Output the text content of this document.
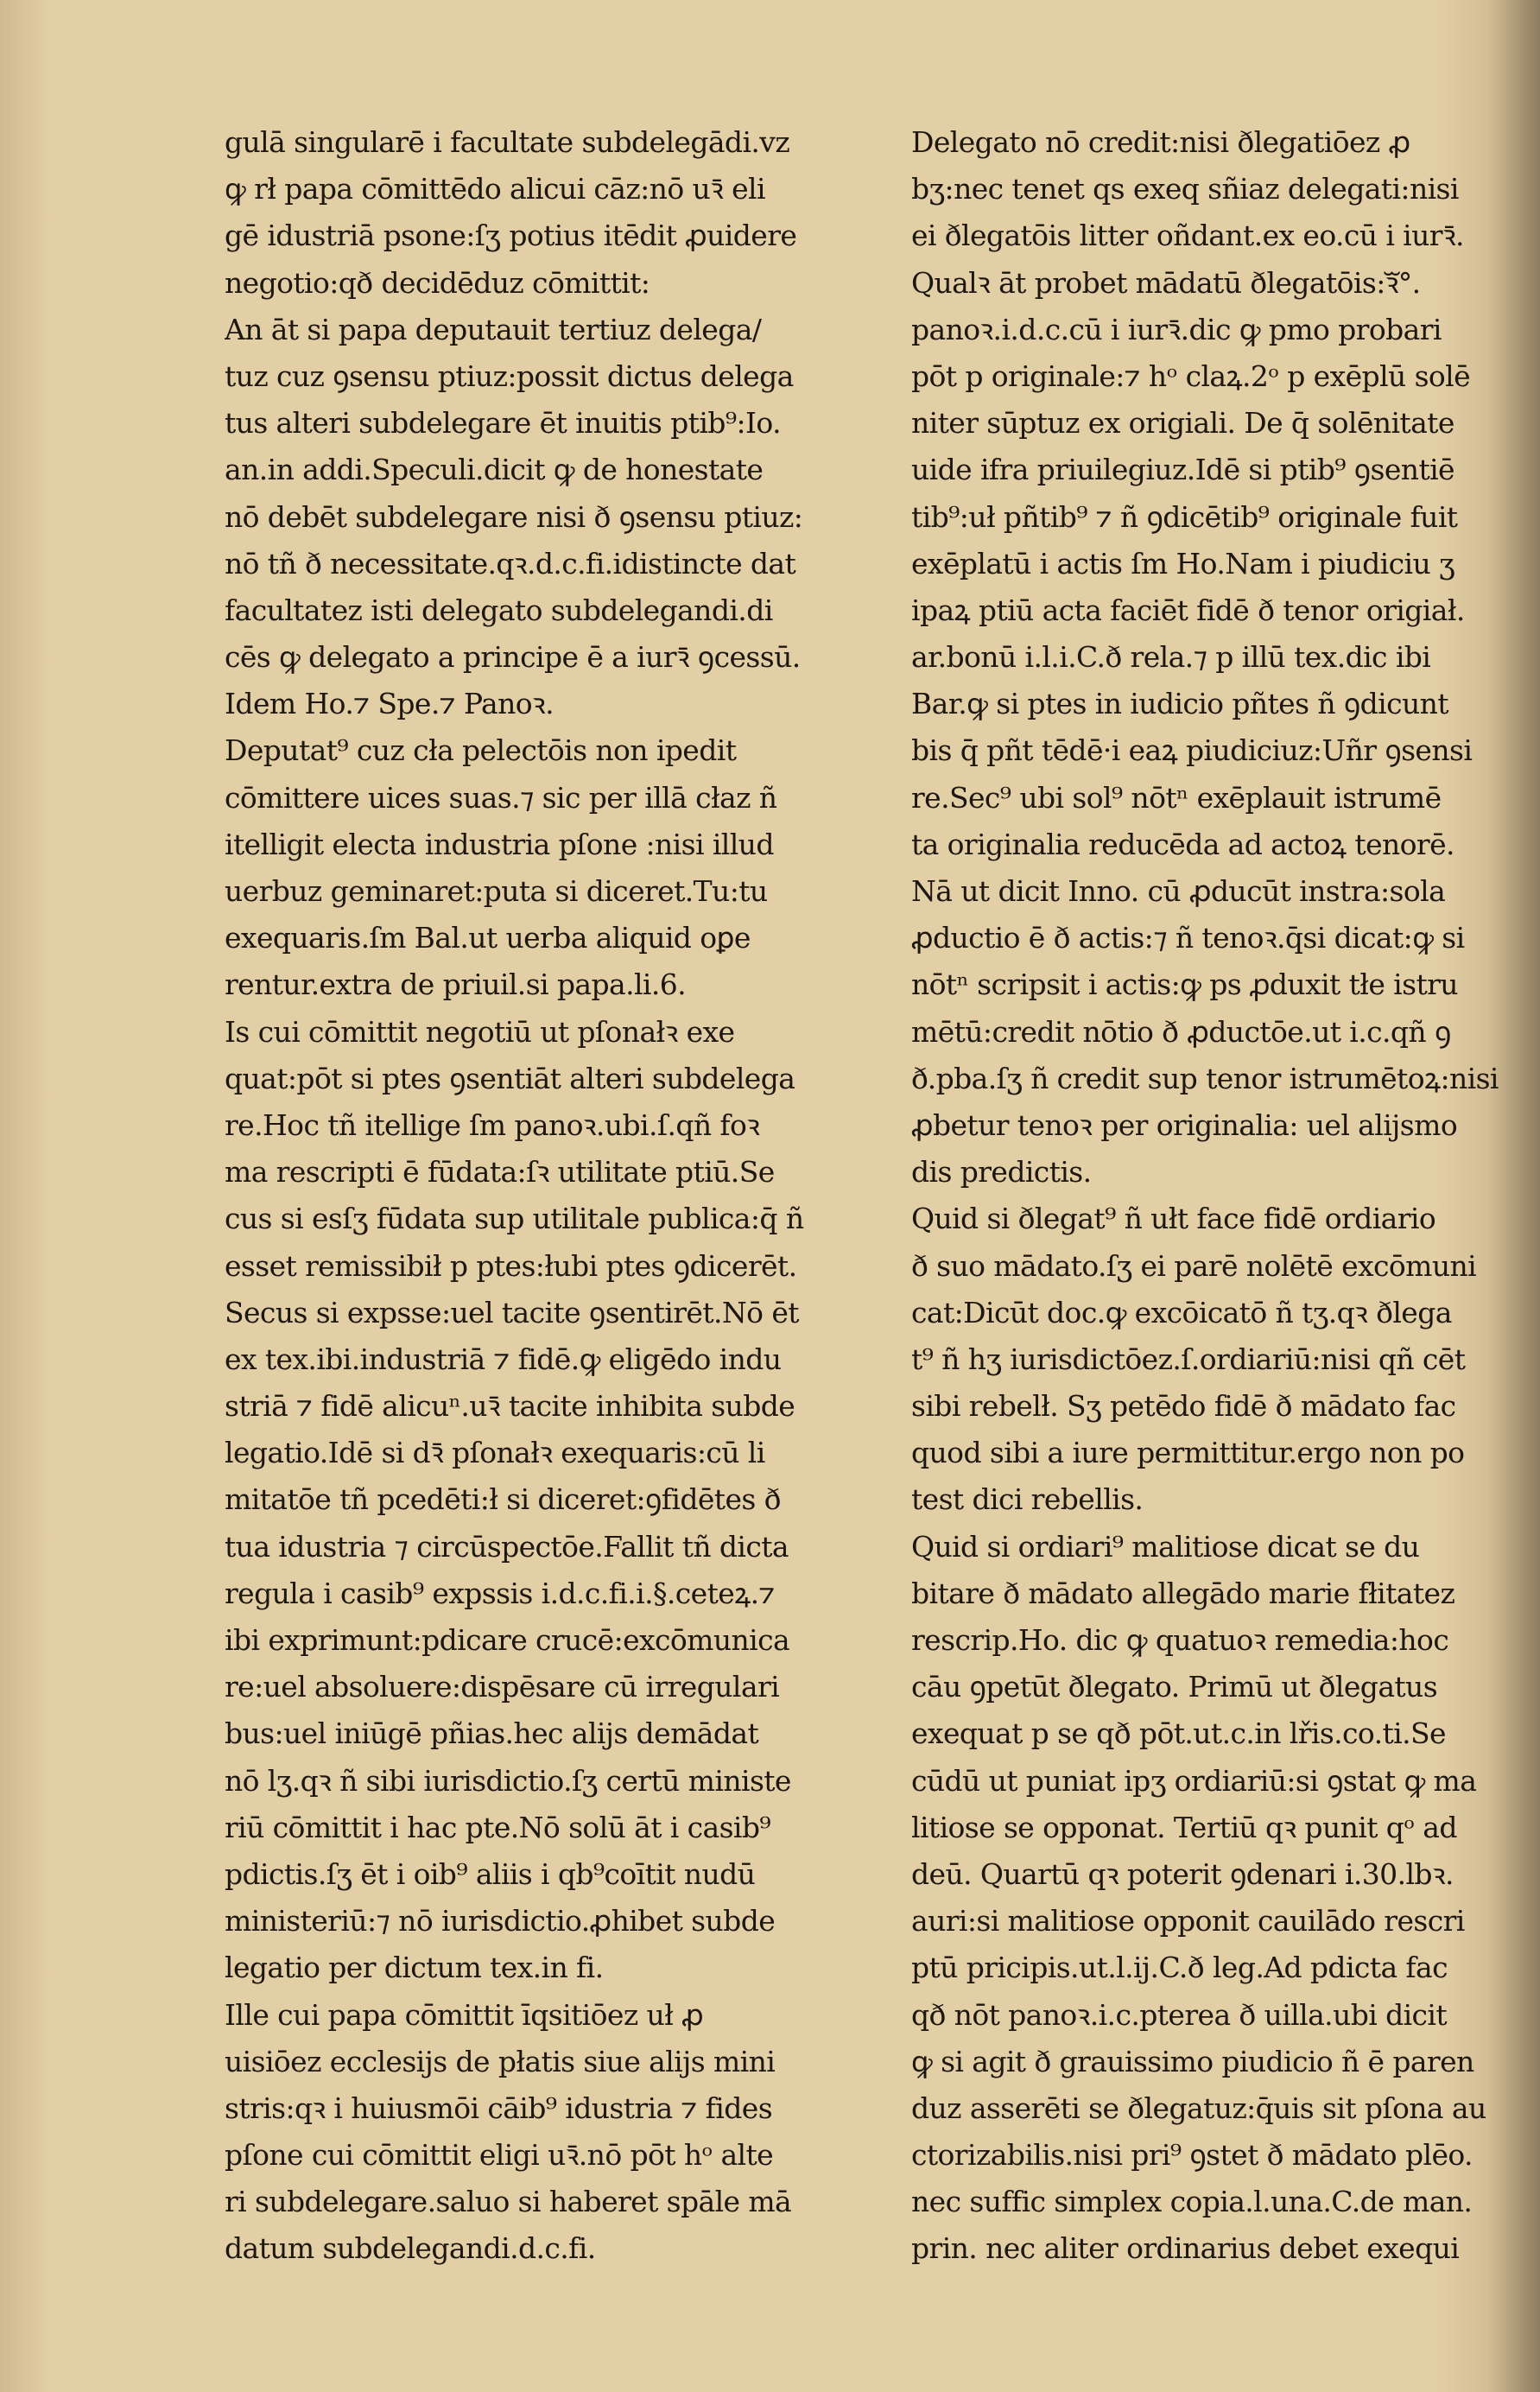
gulā singularē i facultate subdelegādi.vz
ꝙ rł papa cōmittēdo alicui cāz:nō uꝛ̄ eli
gē idustriā psone:ſʒ potius itēdit ꝓuidere
negotio:qð decidēduz cōmittit:
An āt si papa deputauit tertiuz delega/
tuz cuz ꝯsensu ptiuz:possit dictus delega
tus alteri subdelegare ēt inuitis ptib⁹:Io.
an.in addi.Speculi.dicit ꝙ de honestate
nō debēt subdelegare nisi ð ꝯsensu ptiuz:
nō tñ ð necessitate.qꝛ.d.c.fi.idistincte dat
facultatez isti delegato subdelegandi.di
cēs ꝙ delegato a principe ē a iurꝛ̄ ꝯcessū.
Idem Ho.⁊ Spe.⁊ Panoꝛ.
Deputat⁹ cuz cła pelectōis non ipedit
cōmittere uices suas.⁊ sic per illā cłaz ñ
itelligit electa industria pſone :nisi illud
uerbuz geminaret:puta si diceret.Tu:tu
exequaris.ſm Bal.ut uerba aliquid oꝑe
rentur.extra de priuil.si papa.li.6.
Is cui cōmittit negotiū ut pſonałꝛ exe
quat:pōt si ptes ꝯsentiāt alteri subdelega
re.Hoc tñ itellige ſm panoꝛ.ubi.ſ.qñ foꝛ
ma rescripti ē fūdata:ſꝛ utilitate ptiū.Se
cus si esſʒ fūdata sup utilitale publica:q̄ ñ
esset remissibił p ptes:łubi ptes ꝯdicerēt.
Secus si expsse:uel tacite ꝯsentirēt.Nō ēt
ex tex.ibi.industriā ⁊ fidē.ꝙ eligēdo indu
striā ⁊ fidē alicuⁿ.uꝛ̄ tacite inhibita subde
legatio.Idē si dꝛ̄ pſonałꝛ exequaris:cū li
mitatōe tñ pcedēti:ł si diceret:ꝯfidētes ð
tua idustria ⁊ circūspectōe.Fallit tñ dicta
regula i casib⁹ expssis i.d.c.fi.i.§.ceteꝝ.⁊
ibi exprimunt:pdicare crucē:excōmunica
re:uel absoluere:dispēsare cū irregulari
bus:uel iniūgē pñias.hec alijs demādat
nō lʒ.qꝛ ñ sibi iurisdictio.ſʒ certū ministe
riū cōmittit i hac pte.Nō solū āt i casib⁹
pdictis.ſʒ ēt i oib⁹ aliis i qb⁹coītit nudū
ministeriū:⁊ nō iurisdictio.ꝓhibet subde
legatio per dictum tex.in fi.
Ille cui papa cōmittit īqsitiōez uł ꝓ
uisiōez ecclesijs de płatis siue alijs mini
stris:qꝛ i huiusmōi cāib⁹ idustria ⁊ fides
pſone cui cōmittit eligi uꝛ̄.nō pōt hᵒ alte
ri subdelegare.saluo si haberet spāle mā
datum subdelegandi.d.c.fi.
Delegato nō credit:nisi ðlegatiōez ꝓ
bʒ:nec tenet qs exeq sñiaz delegati:nisi
ei ðlegatōis litter oñdant.ex eo.cū i iurꝛ̄.
Qualꝛ āt probet mādatū ðlegatōis:ꝛᷓ°.
panoꝛ.i.d.c.cū i iurꝛ̄.dic ꝙ pmo probari
pōt p originale:⁊ hᵒ claꝝ.2ᵒ p exēplū solē
niter sūptuz ex origiali. De q̄ solēnitate
uide ifra priuilegiuz.Idē si ptib⁹ ꝯsentiē
tib⁹:uł pñtib⁹ ⁊ ñ ꝯdicētib⁹ originale fuit
exēplatū i actis ſm Ho.Nam i piudiciu ʒ
ipaꝝ ptiū acta faciēt fidē ð tenor origiał.
ar.bonū i.l.i.C.ð rela.⁊ p illū tex.dic ibi
Bar.ꝙ si ptes in iudicio pñtes ñ ꝯdicunt
bis q̄ pñt tēdē·i eaꝝ piudiciuz:Uñr ꝯsensi
re.Sec⁹ ubi sol⁹ nōtⁿ exēplauit istrumē
ta originalia reducēda ad actoꝝ tenorē.
Nā ut dicit Inno. cū ꝓducūt instra:sola
ꝓductio ē ð actis:⁊ ñ tenoꝛ.q̄si dicat:ꝙ si
nōtⁿ scripsit i actis:ꝙ ps ꝓduxit tłe istru
mētū:credit nōtio ð ꝓductōe.ut i.c.qñ ꝯ
ð.pba.ſʒ ñ credit sup tenor istrumētoꝝ:nisi
ꝓbetur tenoꝛ per originalia: uel alijsmo
dis predictis.
Quid si ðlegat⁹ ñ ułt face fidē ordiario
ð suo mādato.ſʒ ei parē nolētē excōmuni
cat:Dicūt doc.ꝙ excōicatō ñ tʒ.qꝛ ðlega
t⁹ ñ hʒ iurisdictōez.ſ.ordiariū:nisi qñ cēt
sibi rebelł. Sʒ petēdo fidē ð mādato fac
quod sibi a iure permittitur.ergo non po
test dici rebellis.
Quid si ordiari⁹ malitiose dicat se du
bitare ð mādato allegādo marie fłitatez
rescrip.Ho. dic ꝙ quatuoꝛ remedia:hoc
cāu ꝯpetūt ðlegato. Primū ut ðlegatus
exequat p se qð pōt.ut.c.in lřis.co.ti.Se
cūdū ut puniat ipʒ ordiariū:si ꝯstat ꝙ ma
litiose se opponat. Tertiū qꝛ punit qᵒ ad
deū. Quartū qꝛ poterit ꝯdenari i.30.lbꝛ.
auri:si malitiose opponit cauilādo rescri
ptū pricipis.ut.l.ij.C.ð leg.Ad pdicta fac
qð nōt panoꝛ.i.c.pterea ð uilla.ubi dicit
ꝙ si agit ð grauissimo piudicio ñ ē paren
duz asserēti se ðlegatuz:q̄uis sit pſona au
ctorizabilis.nisi pri⁹ ꝯstet ð mādato plēo.
nec suffic simplex copia.l.una.C.de man.
prin. nec aliter ordinarius debet exequi
